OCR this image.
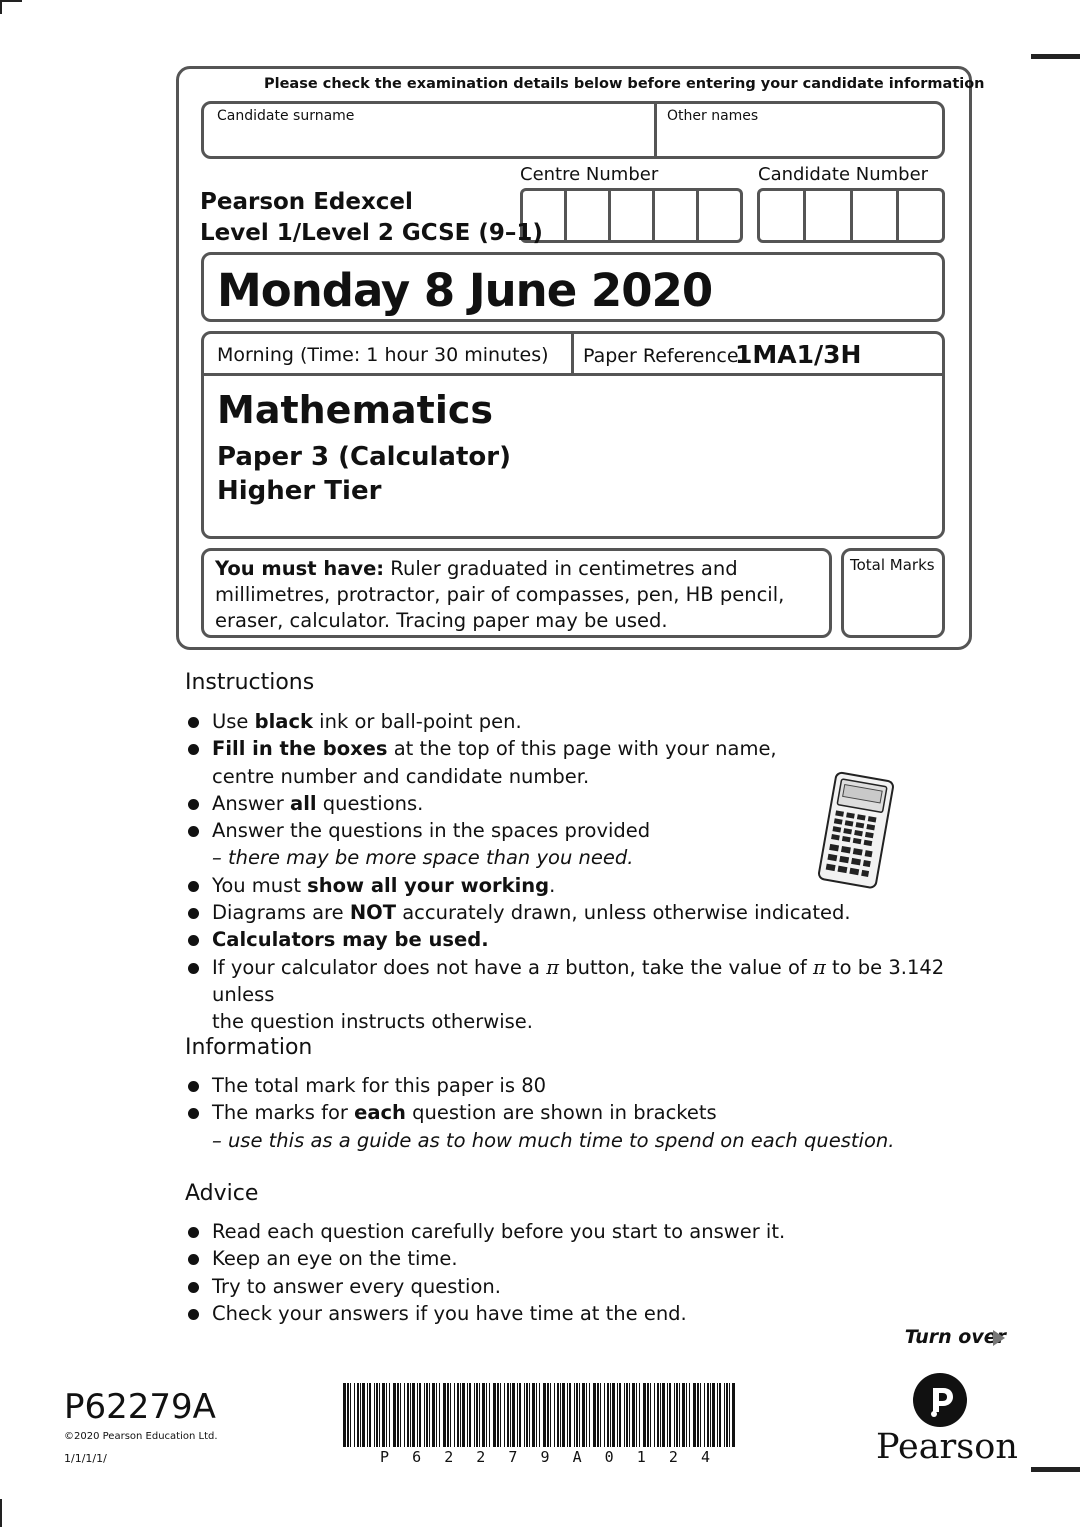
Please check the examination details below before entering your candidate information
Candidate surname	Other names
Centre Number	Candidate Number
Pearson Edexcel
Level 1/Level 2 GCSE (9–1)
Monday 8 June 2020
Morning (Time: 1 hour 30 minutes) Paper Reference
1MA1/3H
Mathematics
Paper 3 (Calculator)
Higher Tier
You must have: Ruler graduated in centimetres and millimetres, protractor, pair of compasses, pen, HB pencil, eraser, calculator. Tracing paper may be used.
Total Marks
Instructions
Use black ink or ball-point pen.
Fill in the boxes at the top of this page with your name,
centre number and candidate number.
Answer all questions.
Answer the questions in the spaces provided
– there may be more space than you need.
You must show all your working.
Diagrams are NOT accurately drawn, unless otherwise indicated.
Calculators may be used.
If your calculator does not have a π button, take the value of π to be 3.142 unless
the question instructs otherwise.
Information
The total mark for this paper is 80
The marks for each question are shown in brackets
– use this as a guide as to how much time to spend on each question.
Advice
Read each question carefully before you start to answer it.
Keep an eye on the time.
Try to answer every question.
Check your answers if you have time at the end.
Turn over
P62279A
©2020 Pearson Education Ltd.
1/1/1/1/	P 6 2 2 7 9 A 0 1 2 4	Pearson
